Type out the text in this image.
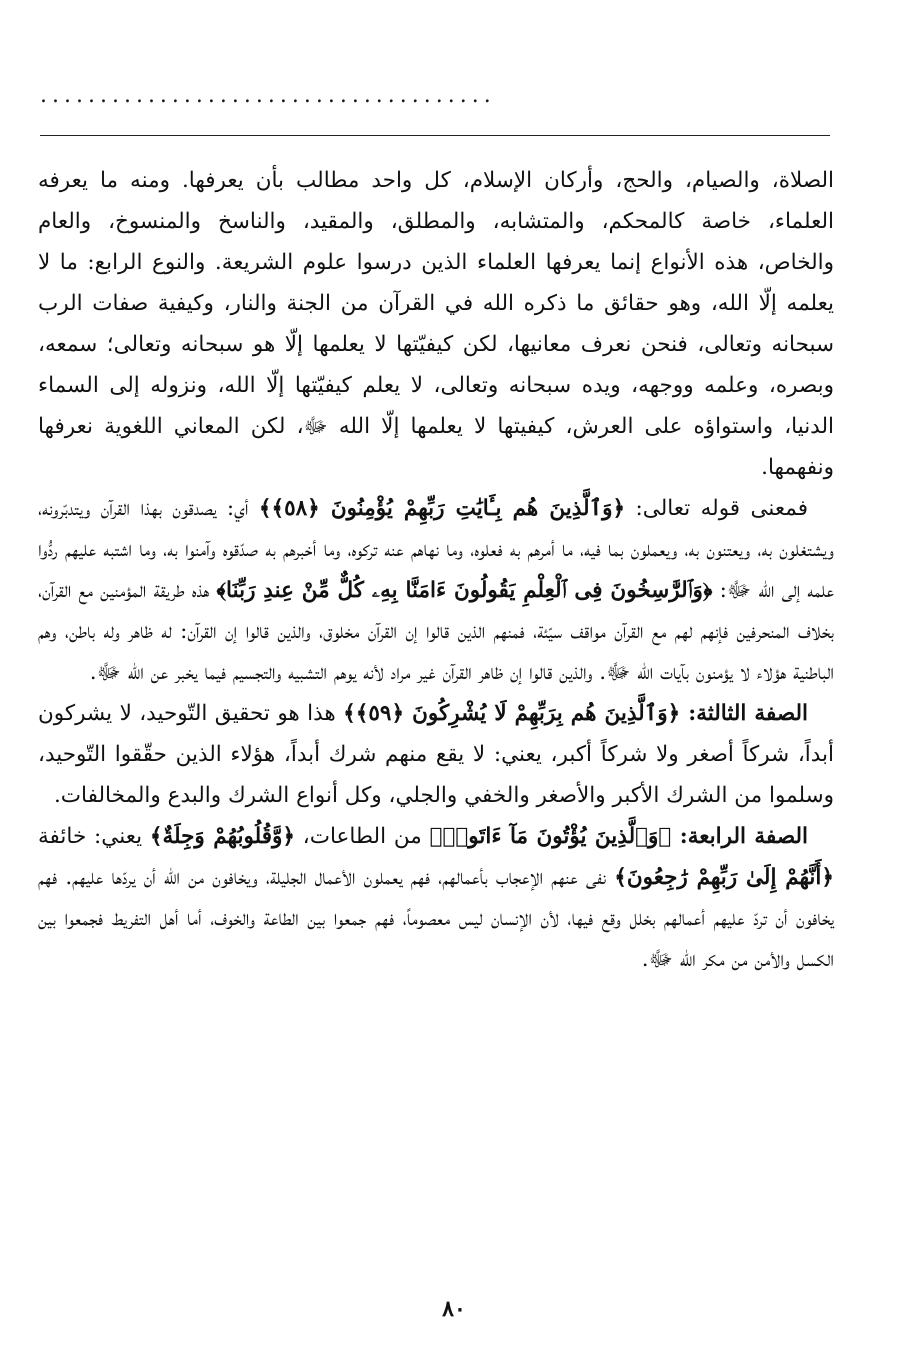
......................................

الصلاة، والصيام، والحج، وأركان الإسلام، كل واحد مطالب بأن يعرفها. ومنه ما يعرفه العلماء، خاصة كالمحكم، والمتشابه، والمطلق، والمقيد، والناسخ والمنسوخ، والعام والخاص، هذه الأنواع إنما يعرفها العلماء الذين درسوا علوم الشريعة. والنوع الرابع: ما لا يعلمه إلّا الله، وهو حقائق ما ذكره الله في القرآن من الجنة والنار، وكيفية صفات الرب سبحانه وتعالى، فنحن نعرف معانيها، لكن كيفيّتها لا يعلمها إلّا هو سبحانه وتعالى؛ سمعه، وبصره، وعلمه ووجهه، ويده سبحانه وتعالى، لا يعلم كيفيّتها إلّا الله، ونزوله إلى السماء الدنيا، واستواؤه على العرش، كيفيتها لا يعلمها إلّا الله ﷻ، لكن المعاني اللغوية نعرفها ونفهمها.

فمعنى قوله تعالى: ﴿وَٱلَّذِينَ هُم بِـَٔايَٰتِ رَبِّهِمْ يُؤْمِنُونَ ﴿٥٨﴾﴾ أي: يصدقون بهذا القرآن ويتدبّرونه، ويشتغلون به، ويعتنون به، ويعملون بما فيه، ما أمرهم به فعلوه، وما نهاهم عنه تركوه، وما أخبرهم به صدّقوه وآمنوا به، وما اشتبه عليهم ردُّوا علمه إلى الله ﷻ: ﴿وَٱلرَّٰسِخُونَ فِى ٱلْعِلْمِ يَقُولُونَ ءَامَنَّا بِهِۦ كُلٌّ مِّنْ عِندِ رَبِّنَا﴾ هذه طريقة المؤمنين مع القرآن، بخلاف المنحرفين فإنهم لهم مع القرآن مواقف سيّئة، فمنهم الذين قالوا إن القرآن مخلوق، والذين قالوا إن القرآن: له ظاهر وله باطن، وهم الباطنية هؤلاء لا يؤمنون بآيات الله ﷻ. والذين قالوا إن ظاهر القرآن غير مراد لأنه يوهم التشبيه والتجسيم فيما يخبر عن الله ﷻ.

الصفة الثالثة: ﴿وَٱلَّذِينَ هُم بِرَبِّهِمْ لَا يُشْرِكُونَ ﴿٥٩﴾﴾ هذا هو تحقيق التّوحيد، لا يشركون أبداً، شركاً أصغر ولا شركاً أكبر، يعني: لا يقع منهم شرك أبداً، هؤلاء الذين حقّقوا التّوحيد، وسلموا من الشرك الأكبر والأصغر والخفي والجلي، وكل أنواع الشرك والبدع والمخالفات.

الصفة الرابعة: ﴿وَٱلَّذِينَ يُؤْتُونَ مَآ ءَاتَوا۟﴾ من الطاعات، ﴿وَّقُلُوبُهُمْ وَجِلَةٌ﴾ يعني: خائفة ﴿أَنَّهُمْ إِلَىٰ رَبِّهِمْ رَٰجِعُونَ﴾ نفى عنهم الإعجاب بأعمالهم، فهم يعملون الأعمال الجليلة، ويخافون من الله أن يردّها عليهم. فهم يخافون أن تردّ عليهم أعمالهم بخلل وقع فيها، لأن الإنسان ليس معصوماً، فهم جمعوا بين الطاعة والخوف، أما أهل التفريط فجمعوا بين الكسل والأمن من مكر الله ﷻ.

٨٠
